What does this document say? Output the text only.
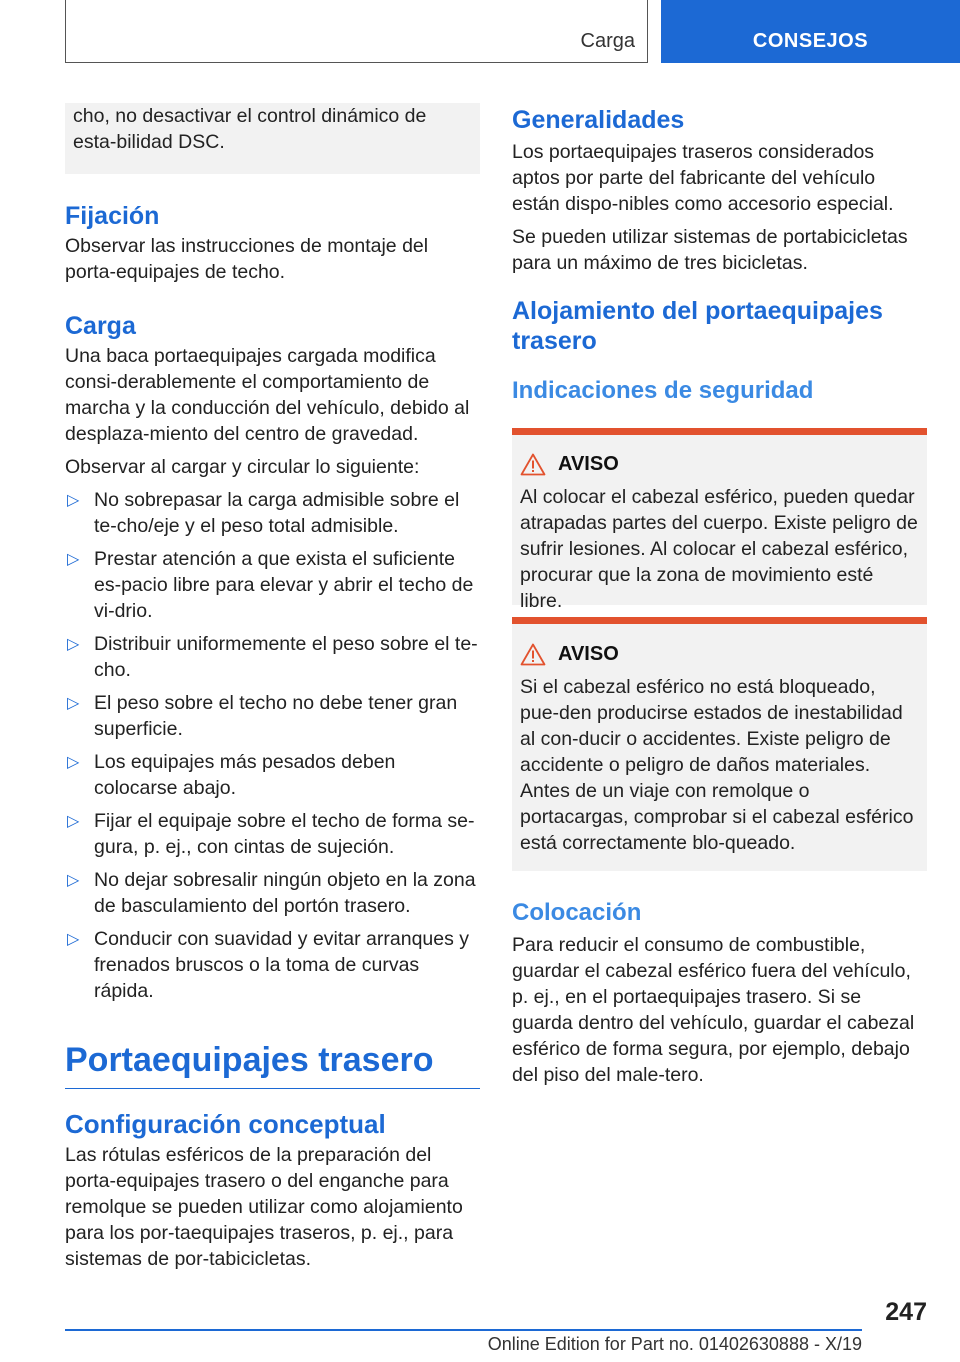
Carga	CONSEJOS

cho, no desactivar el control dinámico de esta-bilidad DSC.

Fijación

Observar las instrucciones de montaje del porta-equipajes de techo.

Carga

Una baca portaequipajes cargada modifica consi-derablemente el comportamiento de marcha y la conducción del vehículo, debido al desplaza-miento del centro de gravedad.

Observar al cargar y circular lo siguiente:

▷ No sobrepasar la carga admisible sobre el te-cho/eje y el peso total admisible.
▷ Prestar atención a que exista el suficiente es-pacio libre para elevar y abrir el techo de vi-drio.
▷ Distribuir uniformemente el peso sobre el te-cho.
▷ El peso sobre el techo no debe tener gran superficie.
▷ Los equipajes más pesados deben colocarse abajo.
▷ Fijar el equipaje sobre el techo de forma se-gura, p. ej., con cintas de sujeción.
▷ No dejar sobresalir ningún objeto en la zona de basculamiento del portón trasero.
▷ Conducir con suavidad y evitar arranques y frenados bruscos o la toma de curvas rápida.
Portaequipajes trasero
Configuración conceptual

Las rótulas esféricos de la preparación del porta-equipajes trasero o del enganche para remolque se pueden utilizar como alojamiento para los por-taequipajes traseros, p. ej., para sistemas de por-tabicicletas.

Generalidades

Los portaequipajes traseros considerados aptos por parte del fabricante del vehículo están dispo-nibles como accesorio especial.

Se pueden utilizar sistemas de portabicicletas para un máximo de tres bicicletas.

Alojamiento del portaequipajes trasero
Indicaciones de seguridad
AVISO

Al colocar el cabezal esférico, pueden quedar atrapadas partes del cuerpo. Existe peligro de sufrir lesiones. Al colocar el cabezal esférico, procurar que la zona de movimiento esté libre.

AVISO

Si el cabezal esférico no está bloqueado, pue-den producirse estados de inestabilidad al con-ducir o accidentes. Existe peligro de accidente o peligro de daños materiales. Antes de un viaje con remolque o portacargas, comprobar si el cabezal esférico está correctamente blo-queado.

Colocación

Para reducir el consumo de combustible, guardar el cabezal esférico fuera del vehículo, p. ej., en el portaequipajes trasero. Si se guarda dentro del vehículo, guardar el cabezal esférico de forma segura, por ejemplo, debajo del piso del male-tero.

247
Online Edition for Part no. 01402630888 - X/19
